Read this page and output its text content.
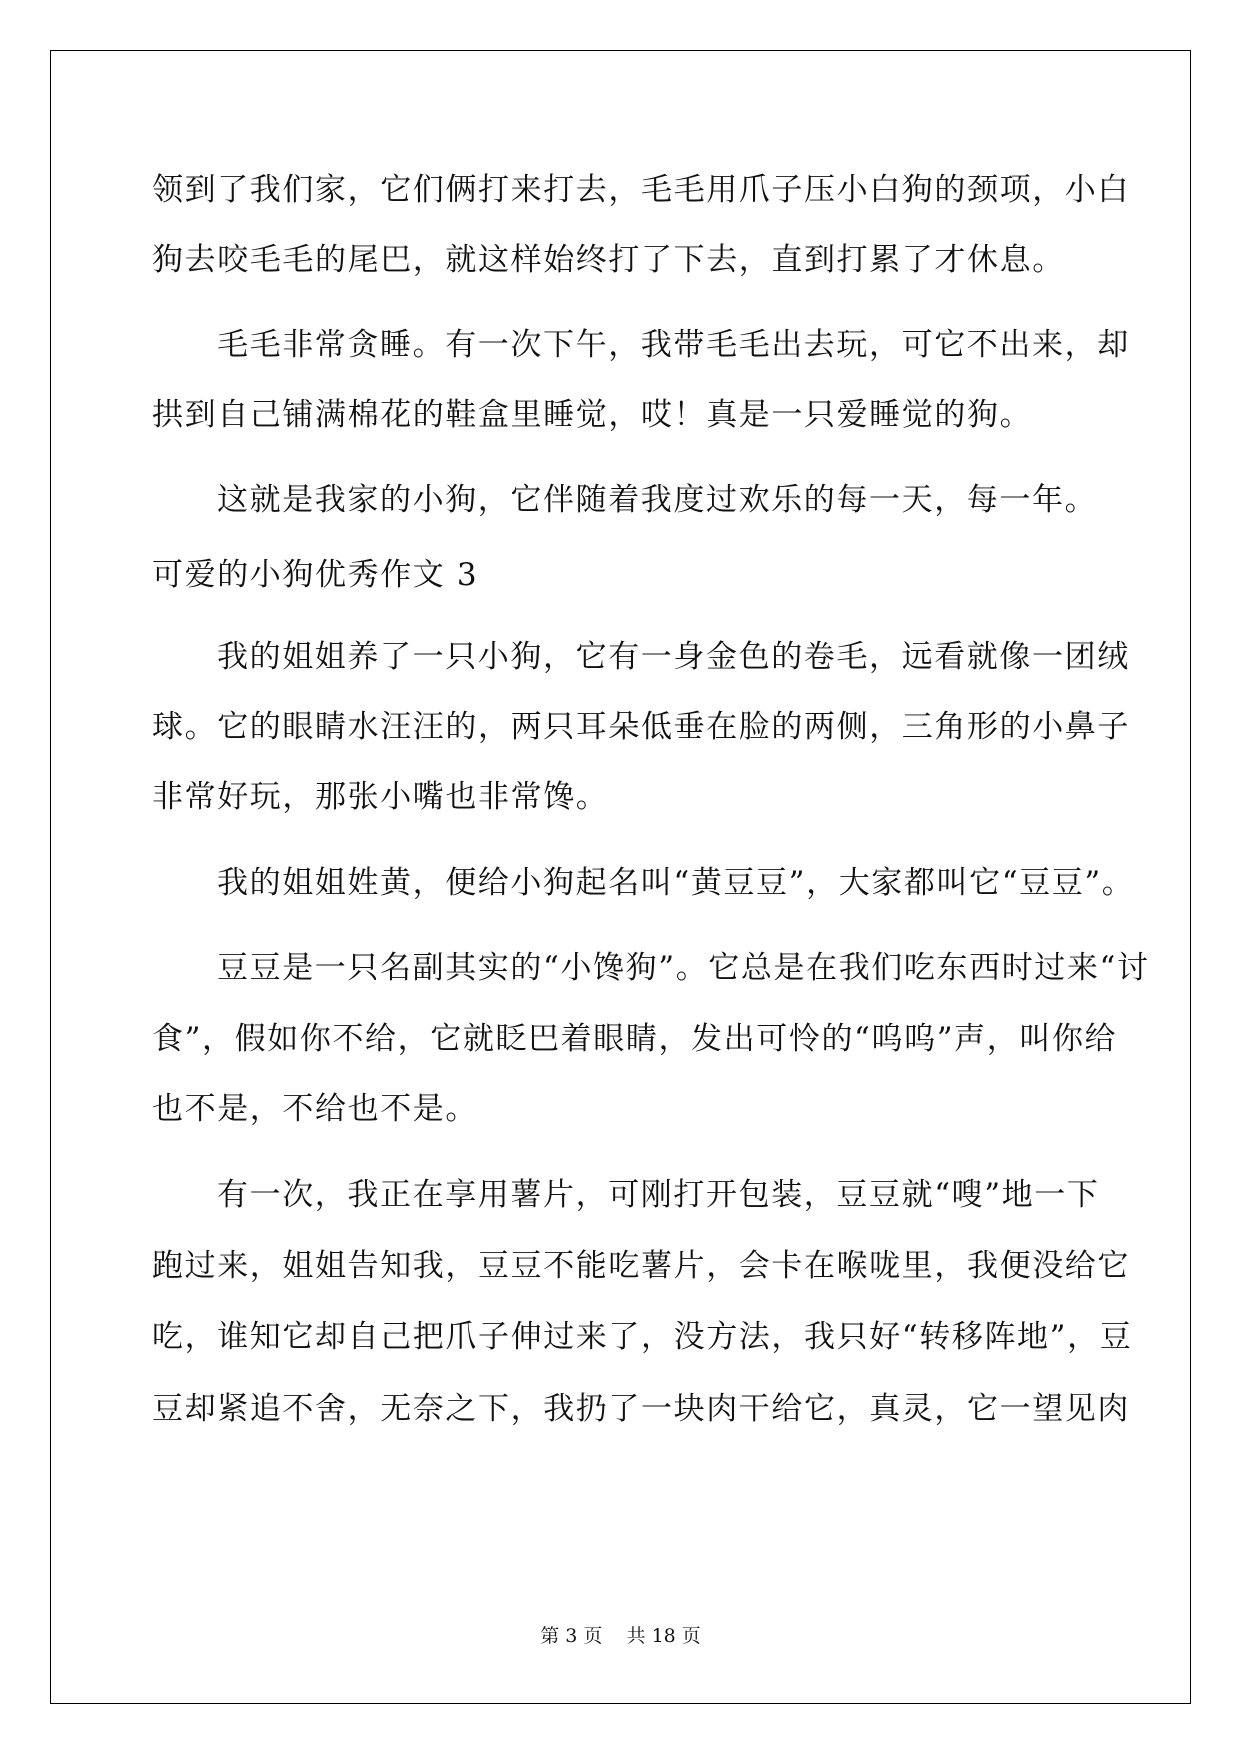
领到了我们家，它们俩打来打去，毛毛用爪子压小白狗的颈项，小白
狗去咬毛毛的尾巴，就这样始终打了下去，直到打累了才休息。
毛毛非常贪睡。有一次下午，我带毛毛出去玩，可它不出来，却
拱到自己铺满棉花的鞋盒里睡觉，哎！真是一只爱睡觉的狗。
这就是我家的小狗，它伴随着我度过欢乐的每一天，每一年。
可爱的小狗优秀作文 3
我的姐姐养了一只小狗，它有一身金色的卷毛，远看就像一团绒
球。它的眼睛水汪汪的，两只耳朵低垂在脸的两侧，三角形的小鼻子
非常好玩，那张小嘴也非常馋。
我的姐姐姓黄，便给小狗起名叫“黄豆豆”，大家都叫它“豆豆”。
豆豆是一只名副其实的“小馋狗”。它总是在我们吃东西时过来“讨
食”，假如你不给，它就眨巴着眼睛，发出可怜的“呜呜”声，叫你给
也不是，不给也不是。
有一次，我正在享用薯片，可刚打开包装，豆豆就“嗖”地一下
跑过来，姐姐告知我，豆豆不能吃薯片，会卡在喉咙里，我便没给它
吃，谁知它却自己把爪子伸过来了，没方法，我只好“转移阵地”，豆
豆却紧追不舍，无奈之下，我扔了一块肉干给它，真灵，它一望见肉
第 3 页 共 18 页
